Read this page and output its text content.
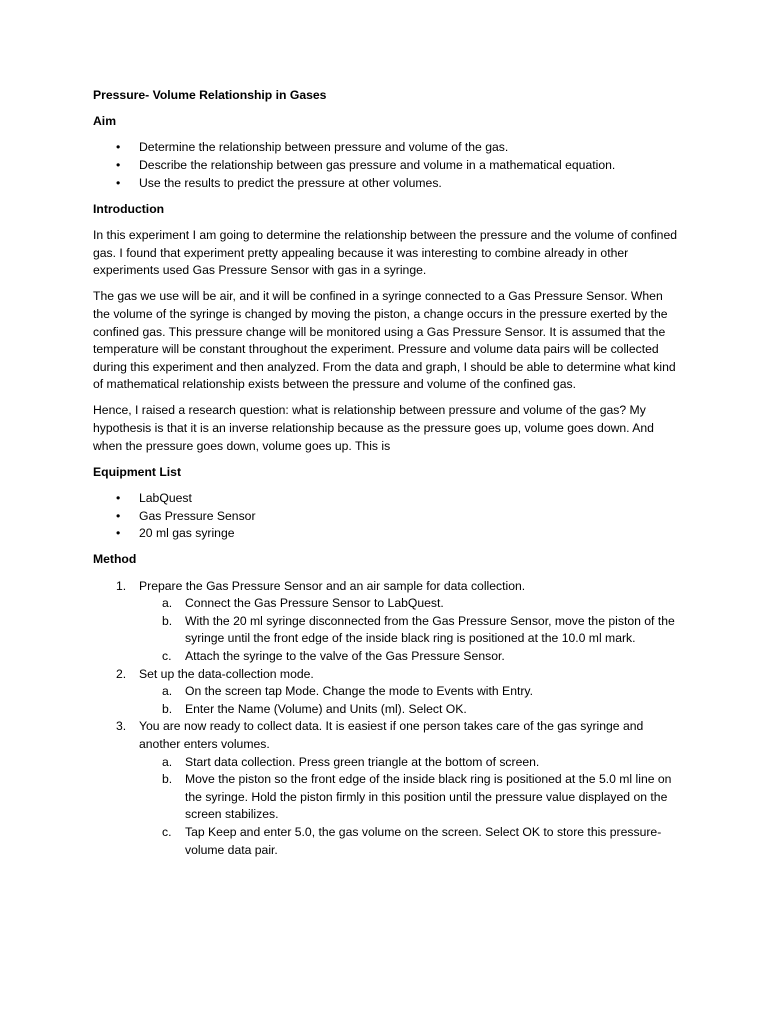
Pressure- Volume Relationship in Gases

Aim

• Determine the relationship between pressure and volume of the gas.
• Describe the relationship between gas pressure and volume in a mathematical equation.
• Use the results to predict the pressure at other volumes.

Introduction

In this experiment I am going to determine the relationship between the pressure and the volume of confined gas. I found that experiment pretty appealing because it was interesting to combine already in other experiments used Gas Pressure Sensor with gas in a syringe.

The gas we use will be air, and it will be confined in a syringe connected to a Gas Pressure Sensor. When the volume of the syringe is changed by moving the piston, a change occurs in the pressure exerted by the confined gas. This pressure change will be monitored using a Gas Pressure Sensor. It is assumed that the temperature will be constant throughout the experiment. Pressure and volume data pairs will be collected during this experiment and then analyzed. From the data and graph, I should be able to determine what kind of mathematical relationship exists between the pressure and volume of the confined gas.

Hence, I raised a research question: what is relationship between pressure and volume of the gas? My hypothesis is that it is an inverse relationship because as the pressure goes up, volume goes down. And when the pressure goes down, volume goes up. This is

Equipment List

• LabQuest
• Gas Pressure Sensor
• 20 ml gas syringe

Method

1. Prepare the Gas Pressure Sensor and an air sample for data collection.
a. Connect the Gas Pressure Sensor to LabQuest.
b. With the 20 ml syringe disconnected from the Gas Pressure Sensor, move the piston of the syringe until the front edge of the inside black ring is positioned at the 10.0 ml mark.
c. Attach the syringe to the valve of the Gas Pressure Sensor.
2. Set up the data-collection mode.
a. On the screen tap Mode. Change the mode to Events with Entry.
b. Enter the Name (Volume) and Units (ml). Select OK.
3. You are now ready to collect data. It is easiest if one person takes care of the gas syringe and another enters volumes.
a. Start data collection. Press green triangle at the bottom of screen.
b. Move the piston so the front edge of the inside black ring is positioned at the 5.0 ml line on the syringe. Hold the piston firmly in this position until the pressure value displayed on the screen stabilizes.
c. Tap Keep and enter 5.0, the gas volume on the screen. Select OK to store this pressure-volume data pair.
